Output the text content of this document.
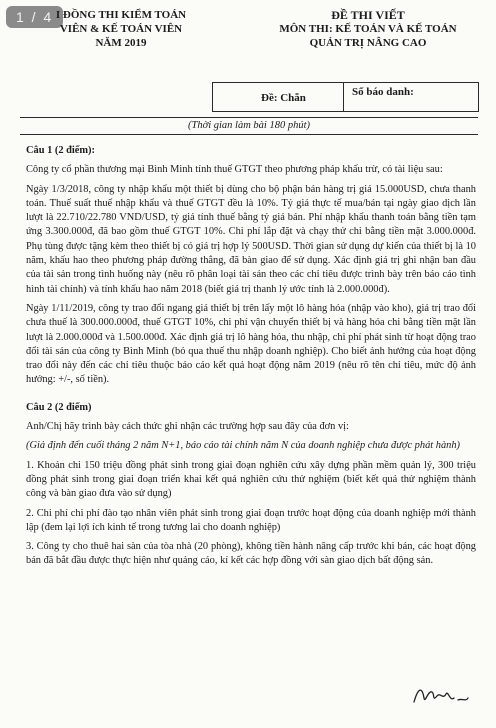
1 / 4 I ĐỒNG THI KIỂM TOÁN
VIÊN & KẾ TOÁN VIÊN
NĂM 2019
ĐỀ THI VIẾT
MÔN THI: KẾ TOÁN VÀ KẾ TOÁN
QUẢN TRỊ NÂNG CAO
Đề: Chẵn	Số báo danh:
(Thời gian làm bài 180 phút)
Câu 1 (2 điểm):

Công ty cổ phần thương mại Bình Minh tính thuế GTGT theo phương pháp khấu trừ, có tài liệu sau:

Ngày 1/3/2018, công ty nhập khẩu một thiết bị dùng cho bộ phận bán hàng trị giá 15.000USD, chưa thanh toán. Thuế suất thuế nhập khẩu và thuế GTGT đều là 10%. Tỷ giá thực tế mua/bán tại ngày giao dịch lần lượt là 22.710/22.780 VND/USD, tỷ giá tính thuế bằng tỷ giá bán. Phí nhập khẩu thanh toán bằng tiền tạm ứng 3.300.000đ, đã bao gồm thuế GTGT 10%. Chi phí lắp đặt và chạy thử chi bằng tiền mặt 3.000.000đ. Phụ tùng được tặng kèm theo thiết bị có giá trị hợp lý 500USD. Thời gian sử dụng dự kiến của thiết bị là 10 năm, khấu hao theo phương pháp đường thẳng, đã bàn giao để sử dụng. Xác định giá trị ghi nhận ban đầu của tài sản trong tình huống này (nêu rõ phân loại tài sản theo các chỉ tiêu được trình bày trên báo cáo tình hình tài chính) và tính khấu hao năm 2018 (biết giá trị thanh lý ước tính là 2.000.000đ).

Ngày 1/11/2019, công ty trao đổi ngang giá thiết bị trên lấy một lô hàng hóa (nhập vào kho), giá trị trao đổi chưa thuế là 300.000.000đ, thuế GTGT 10%, chi phí vận chuyển thiết bị và hàng hóa chi bằng tiền mặt lần lượt là 2.000.000đ và 1.500.000đ. Xác định giá trị lô hàng hóa, thu nhập, chi phí phát sinh từ hoạt động trao đổi tài sản của công ty Bình Minh (bỏ qua thuế thu nhập doanh nghiệp). Cho biết ảnh hưởng của hoạt động trao đổi này đến các chỉ tiêu thuộc báo cáo kết quả hoạt động năm 2019 (nêu rõ tên chỉ tiêu, mức độ ảnh hưởng: +/-, số tiền).

Câu 2 (2 điểm)

Anh/Chị hãy trình bày cách thức ghi nhận các trường hợp sau đây của đơn vị:

(Giả định đến cuối tháng 2 năm N+1, báo cáo tài chính năm N của doanh nghiệp chưa được phát hành)

1. Khoản chi 150 triệu đồng phát sinh trong giai đoạn nghiên cứu xây dựng phần mềm quản lý, 300 triệu đồng phát sinh trong giai đoạn triển khai kết quả nghiên cứu thử nghiệm (biết kết quả thử nghiệm thành công và bàn giao đưa vào sử dụng)

2. Chi phí chi phí đào tạo nhân viên phát sinh trong giai đoạn trước hoạt động của doanh nghiệp mới thành lập (đem lại lợi ích kinh tế trong tương lai cho doanh nghiệp)

3. Công ty cho thuê hai sàn của tòa nhà (20 phòng), không tiền hành nâng cấp trước khi bán, các hoạt động bán đã bắt đầu được thực hiện như quảng cáo, kí kết các hợp đồng với sàn giao dịch bất động sản.
